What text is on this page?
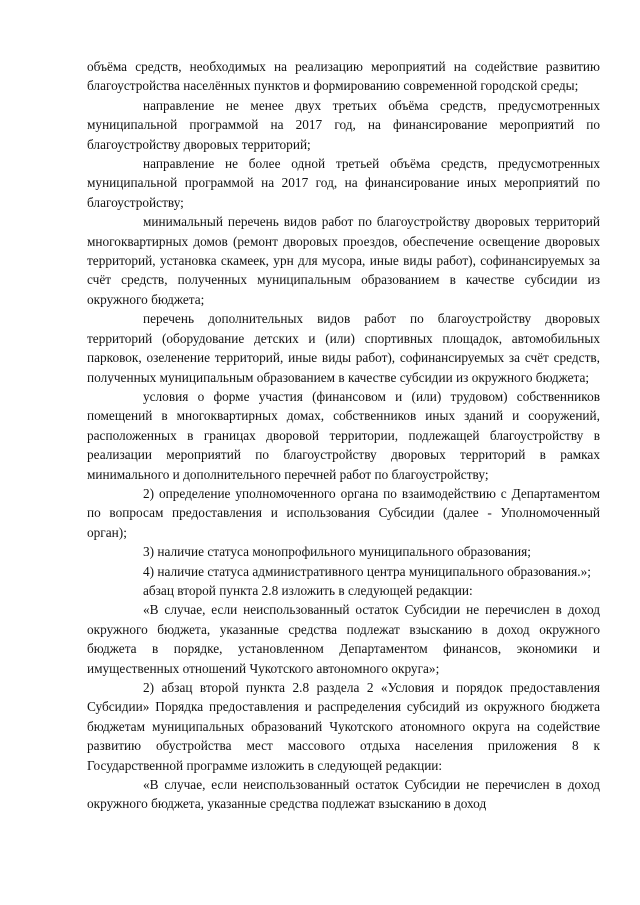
объёма средств, необходимых на реализацию мероприятий на содействие развитию благоустройства населённых пунктов и формированию современной городской среды;

направление не менее двух третьих объёма средств, предусмотренных муниципальной программой на 2017 год, на финансирование мероприятий по благоустройству дворовых территорий;

направление не более одной третьей объёма средств, предусмотренных муниципальной программой на 2017 год, на финансирование иных мероприятий по благоустройству;

минимальный перечень видов работ по благоустройству дворовых территорий многоквартирных домов (ремонт дворовых проездов, обеспечение освещение дворовых территорий, установка скамеек, урн для мусора, иные виды работ), софинансируемых за счёт средств, полученных муниципальным образованием в качестве субсидии из окружного бюджета;

перечень дополнительных видов работ по благоустройству дворовых территорий (оборудование детских и (или) спортивных площадок, автомобильных парковок, озеленение территорий, иные виды работ), софинансируемых за счёт средств, полученных муниципальным образованием в качестве субсидии из окружного бюджета;

условия о форме участия (финансовом и (или) трудовом) собственников помещений в многоквартирных домах, собственников иных зданий и сооружений, расположенных в границах дворовой территории, подлежащей благоустройству в реализации мероприятий по благоустройству дворовых территорий в рамках минимального и дополнительного перечней работ по благоустройству;

2) определение уполномоченного органа по взаимодействию с Департаментом по вопросам предоставления и использования Субсидии (далее - Уполномоченный орган);

3) наличие статуса монопрофильного муниципального образования;

4) наличие статуса административного центра муниципального образования.»;

абзац второй пункта 2.8 изложить в следующей редакции:

«В случае, если неиспользованный остаток Субсидии не перечислен в доход окружного бюджета, указанные средства подлежат взысканию в доход окружного бюджета в порядке, установленном Департаментом финансов, экономики и имущественных отношений Чукотского автономного округа»;

2) абзац второй пункта 2.8 раздела 2 «Условия и порядок предоставления Субсидии» Порядка предоставления и распределения субсидий из окружного бюджета бюджетам муниципальных образований Чукотского атономного округа на содействие развитию обустройства мест массового отдыха населения приложения 8 к Государственной программе изложить в следующей редакции:

«В случае, если неиспользованный остаток Субсидии не перечислен в доход окружного бюджета, указанные средства подлежат взысканию в доход
